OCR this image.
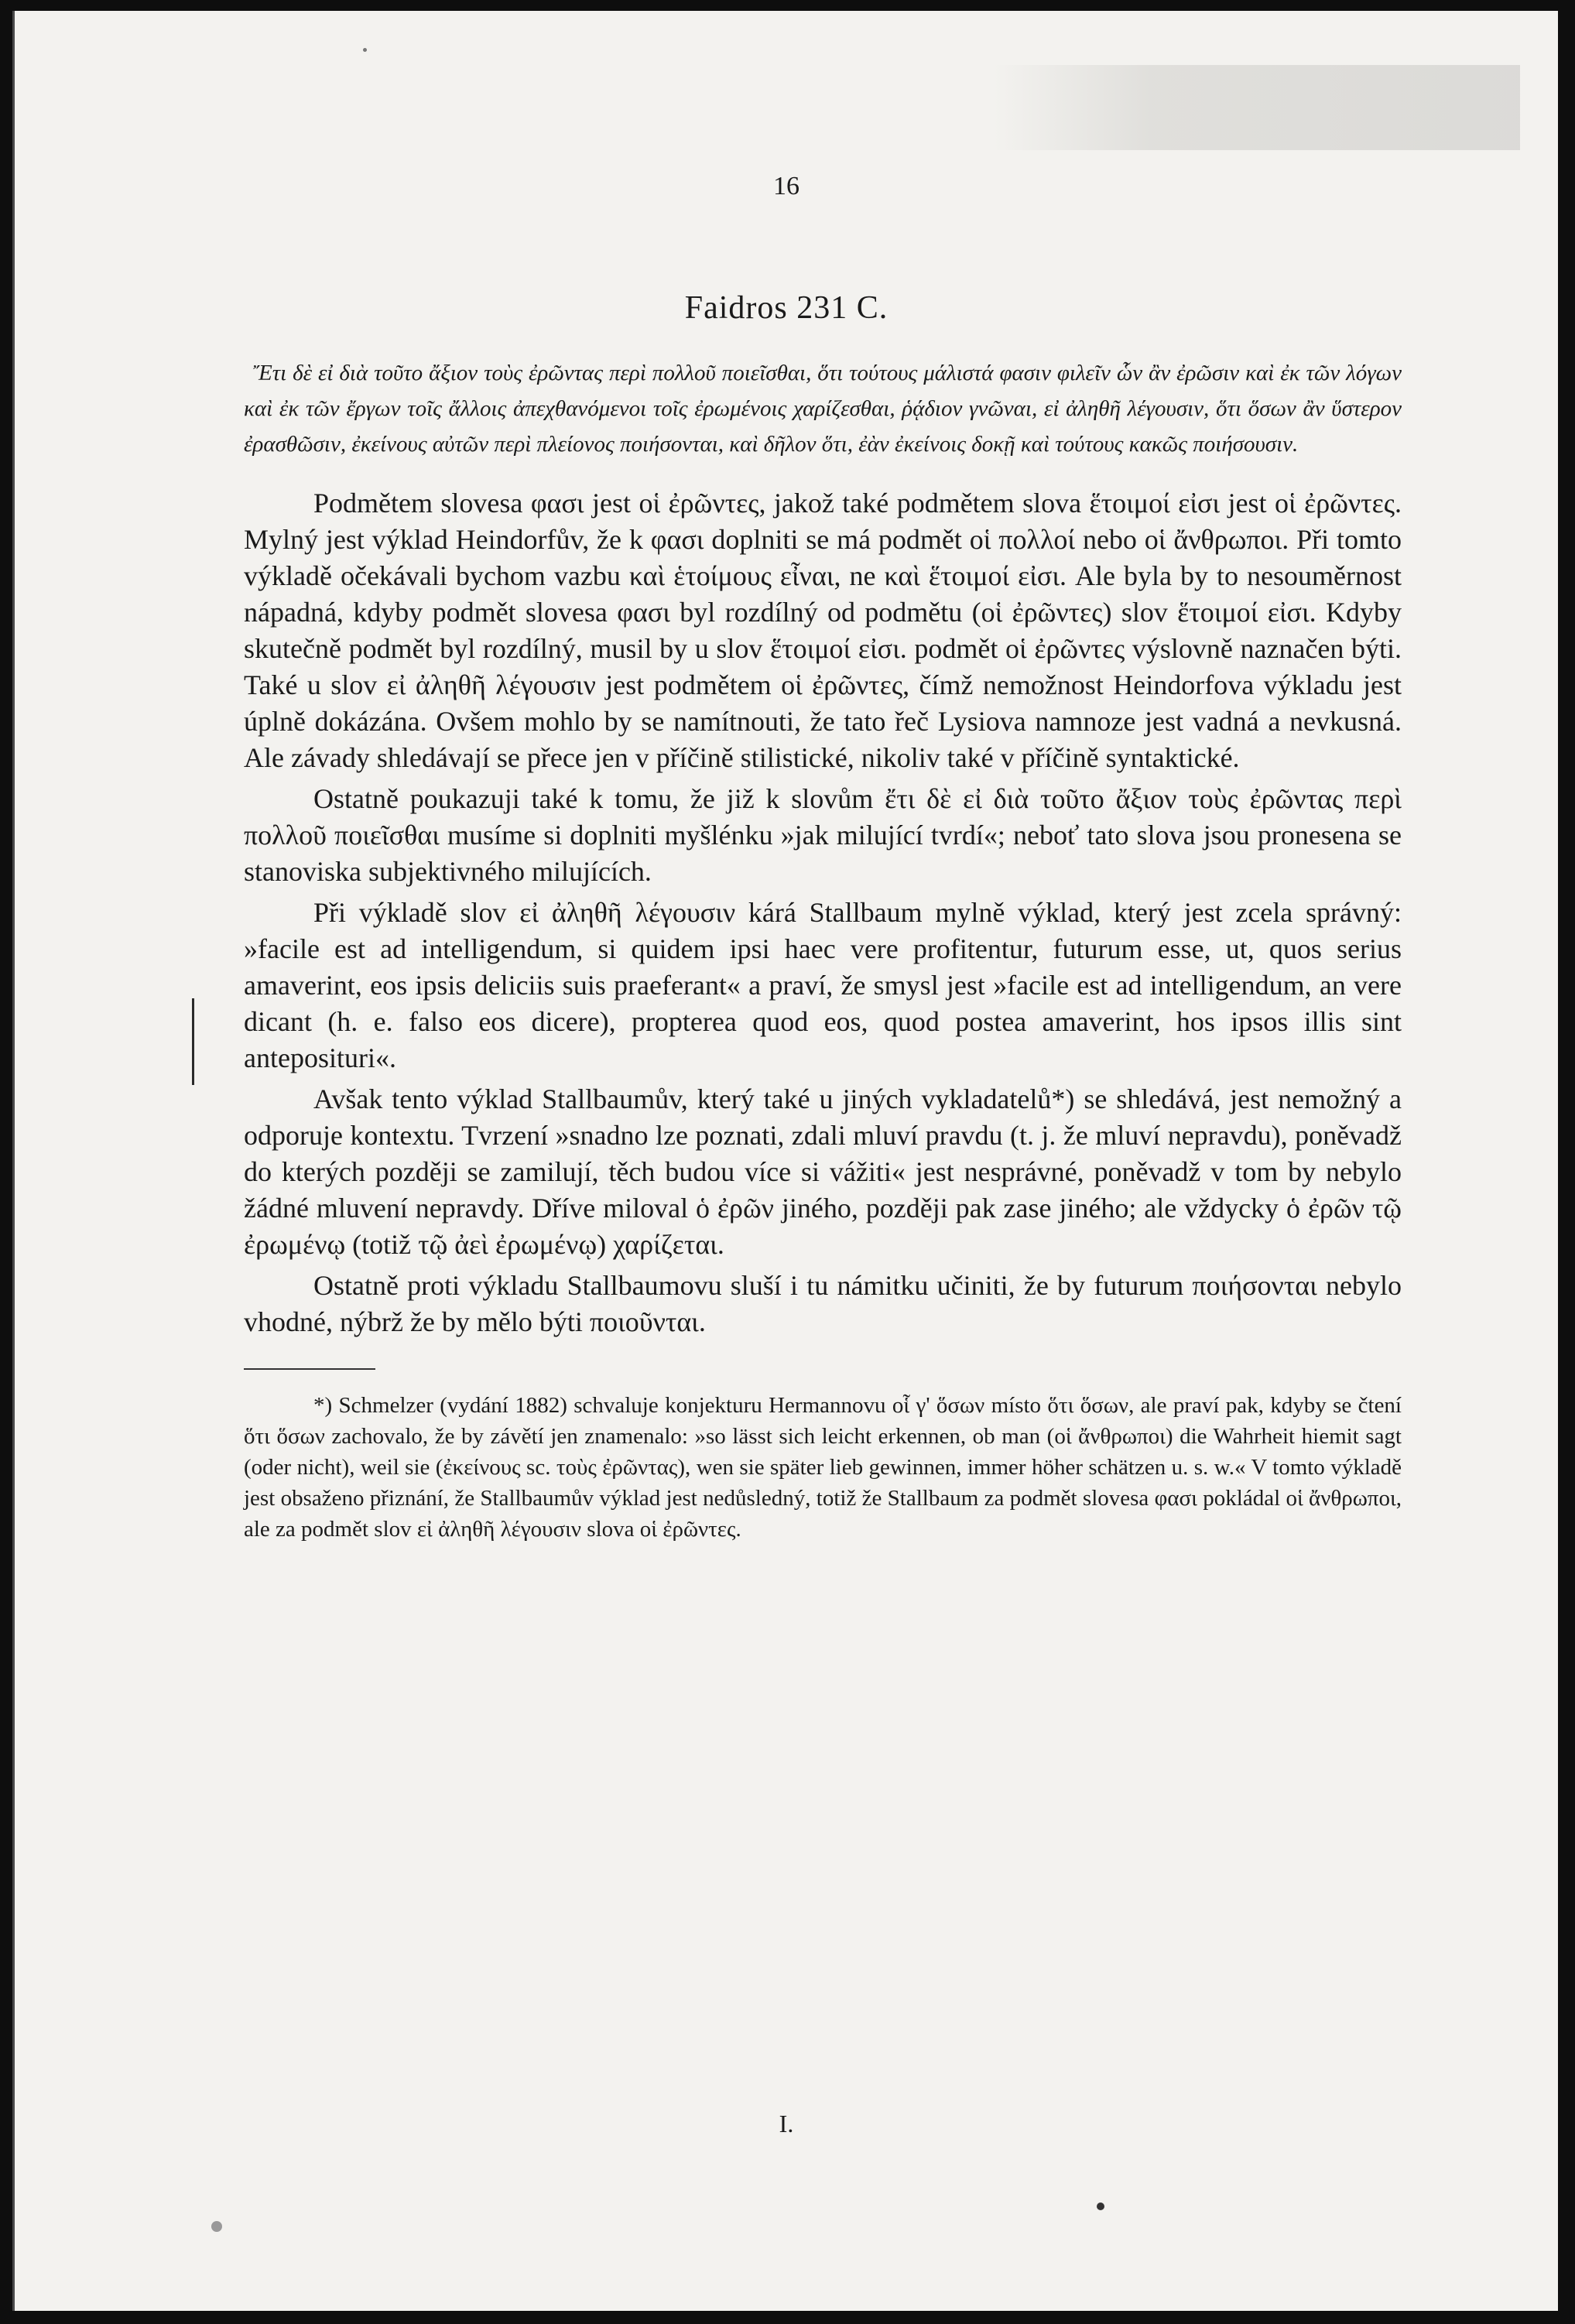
16
Faidros 231 C.

Ἔτι δὲ εἰ διὰ τοῦτο ἄξιον τοὺς ἐρῶντας περὶ πολλοῦ ποιεῖσθαι, ὅτι τούτους μάλιστά φασιν φιλεῖν ὧν ἂν ἐρῶσιν καὶ ἐκ τῶν λόγων καὶ ἐκ τῶν ἔργων τοῖς ἄλλοις ἀπεχθανόμενοι τοῖς ἐρωμένοις χαρίζεσθαι, ῥᾴδιον γνῶναι, εἰ ἀληθῆ λέγουσιν, ὅτι ὅσων ἂν ὕστερον ἐρασθῶσιν, ἐκείνους αὐτῶν περὶ πλείονος ποιήσονται, καὶ δῆλον ὅτι, ἐὰν ἐκείνοις δοκῇ καὶ τούτους κακῶς ποιήσουσιν.

Podmětem slovesa φασι jest οἱ ἐρῶντες, jakož také podmětem slova ἕτοιμοί εἰσι jest οἱ ἐρῶντες. Mylný jest výklad Heindorfův, že k φασι doplniti se má podmět οἱ πολλοί nebo οἱ ἄνθρωποι. Při tomto výkladě očekávali bychom vazbu καὶ ἑτοίμους εἶναι, ne καὶ ἕτοιμοί εἰσι. Ale byla by to nesouměrnost nápadná, kdyby podmět slovesa φασι byl rozdílný od podmětu (οἱ ἐρῶντες) slov ἕτοιμοί εἰσι. Kdyby skutečně podmět byl rozdílný, musil by u slov ἕτοιμοί εἰσι. podmět οἱ ἐρῶντες výslovně naznačen býti. Také u slov εἰ ἀληθῆ λέγουσιν jest podmětem οἱ ἐρῶντες, čímž nemožnost Heindorfova výkladu jest úplně dokázána. Ovšem mohlo by se namítnouti, že tato řeč Lysiova namnoze jest vadná a nevkusná. Ale závady shledávají se přece jen v příčině stilistické, nikoliv také v příčině syntaktické.

Ostatně poukazuji také k tomu, že již k slovům ἔτι δὲ εἰ διὰ τοῦτο ἄξιον τοὺς ἐρῶντας περὶ πολλοῦ ποιεῖσθαι musíme si doplniti myšlénku »jak milující tvrdí«; neboť tato slova jsou pronesena se stanoviska subjektivného milujících.

Při výkladě slov εἰ ἀληθῆ λέγουσιν kárá Stallbaum mylně výklad, který jest zcela správný: »facile est ad intelligendum, si quidem ipsi haec vere profitentur, futurum esse, ut, quos serius amaverint, eos ipsis deliciis suis praeferant« a praví, že smysl jest »facile est ad intelligendum, an vere dicant (h. e. falso eos dicere), propterea quod eos, quod postea amaverint, hos ipsos illis sint antepositurі«.

Avšak tento výklad Stallbaumův, který také u jiných vykladatelů*) se shledává, jest nemožný a odporuje kontextu. Tvrzení »snadno lze poznati, zdali mluví pravdu (t. j. že mluví nepravdu), poněvadž do kterých později se zamilují, těch budou více si vážiti« jest nesprávné, poněvadž v tom by nebylo žádné mluvení nepravdy. Dříve miloval ὁ ἐρῶν jiného, později pak zase jiného; ale vždycky ὁ ἐρῶν τῷ ἐρωμένῳ (totiž τῷ ἀεὶ ἐρωμένῳ) χαρίζεται.

Ostatně proti výkladu Stallbaumovu sluší i tu námitku učiniti, že by futurum ποιήσονται nebylo vhodné, nýbrž že by mělo býti ποιοῦνται.

*) Schmelzer (vydání 1882) schvaluje konjekturu Hermannovu οἷ γ' ὅσων místo ὅτι ὅσων, ale praví pak, kdyby se čtení ὅτι ὅσων zachovalo, že by závětí jen znamenalo: »so lässt sich leicht erkennen, ob man (οἱ ἄνθρωποι) die Wahrheit hiemit sagt (oder nicht), weil sie (ἐκείνους sc. τοὺς ἐρῶντας), wen sie später lieb gewinnen, immer höher schätzen u. s. w.« V tomto výkladě jest obsaženo přiznání, že Stallbaumův výklad jest nedůsledný, totiž že Stallbaum za podmět slovesa φασι pokládal οἱ ἄνθρωποι, ale za podmět slov εἰ ἀληθῆ λέγουσιν slova οἱ ἐρῶντες.

I.
